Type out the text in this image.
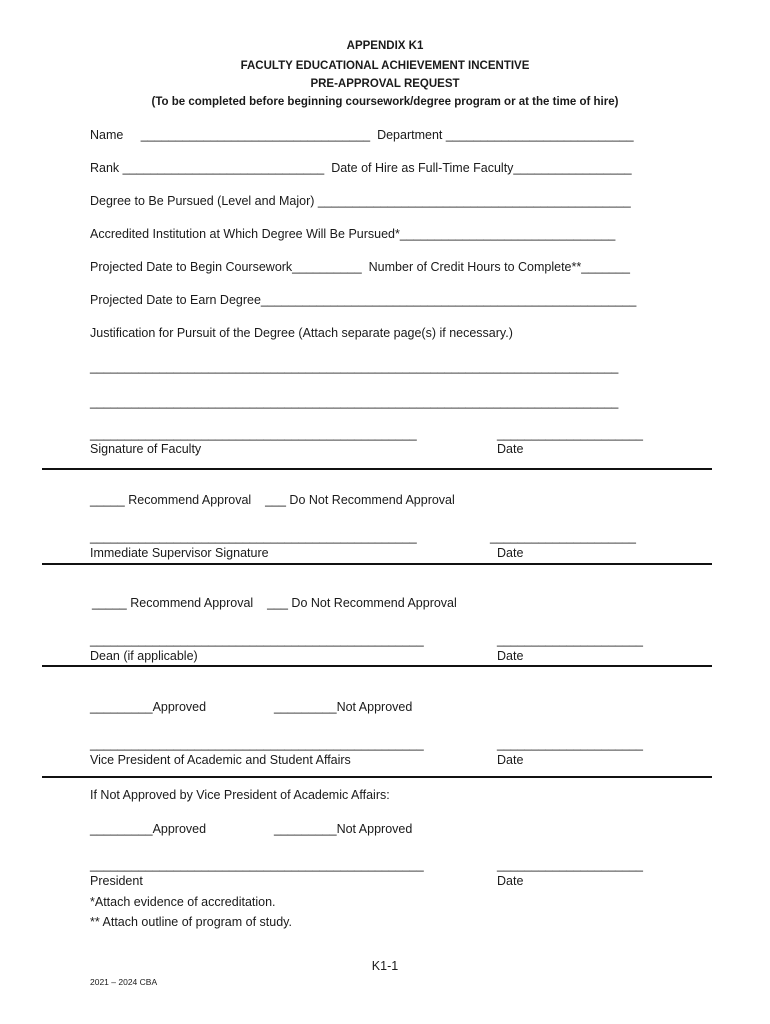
APPENDIX K1
FACULTY EDUCATIONAL ACHIEVEMENT INCENTIVE
PRE-APPROVAL REQUEST
(To be completed before beginning coursework/degree program or at the time of hire)
Name     _________________________________  Department ___________________________
Rank _____________________________  Date of Hire as Full-Time Faculty_________________
Degree to Be Pursued (Level and Major) _____________________________________________
Accredited Institution at Which Degree Will Be Pursued*_______________________________
Projected Date to Begin Coursework__________  Number of Credit Hours to Complete**_______
Projected Date to Earn Degree______________________________________________________
Justification for Pursuit of the Degree (Attach separate page(s) if necessary.)
____________________________________________________________________________
____________________________________________________________________________
_______________________________________________	_____________________
Signature of Faculty	Date
_____ Recommend Approval    ___ Do Not Recommend Approval
_______________________________________________	_____________________
Immediate Supervisor Signature	Date
_____ Recommend Approval    ___ Do Not Recommend Approval
________________________________________________	_____________________
Dean (if applicable)	Date
_________Approved	_________Not Approved
________________________________________________	_____________________
Vice President of Academic and Student Affairs	Date
If Not Approved by Vice President of Academic Affairs:
_________Approved	_________Not Approved
________________________________________________	_____________________
President	Date
*Attach evidence of accreditation.
** Attach outline of program of study.
K1-1
2021 – 2024 CBA
